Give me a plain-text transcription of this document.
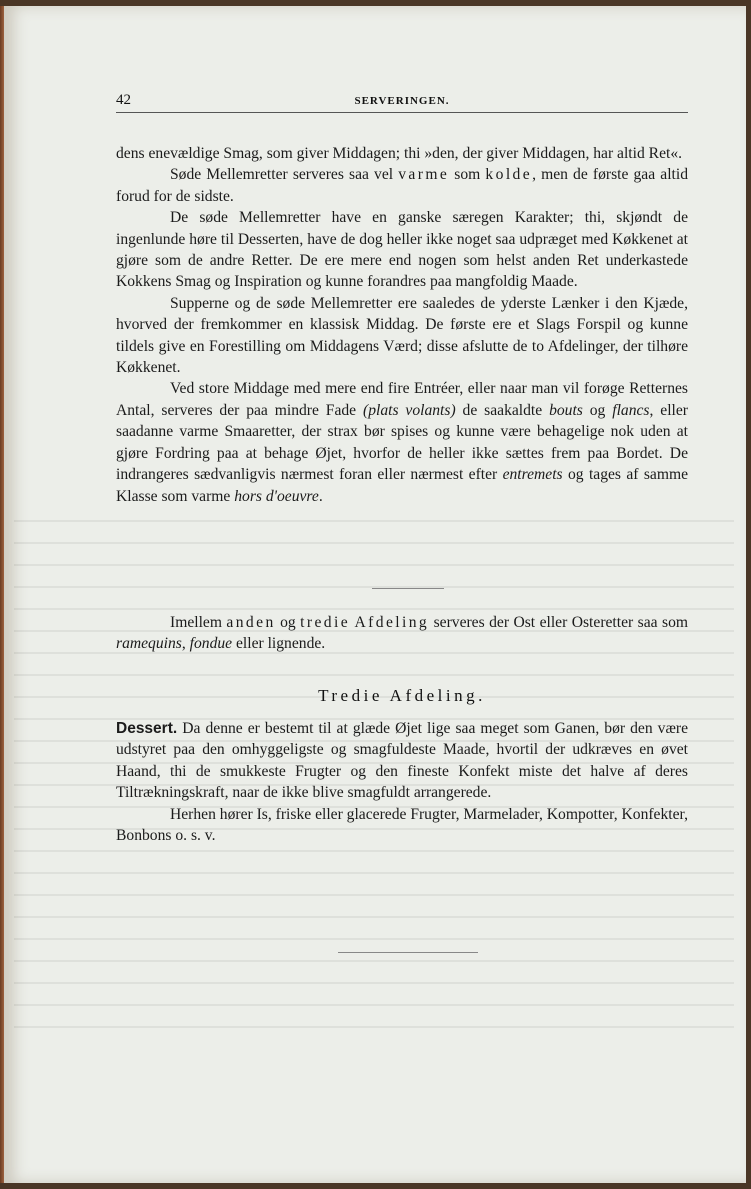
42	SERVERINGEN.

dens enevældige Smag, som giver Middagen; thi »den, der giver Middagen, har altid Ret«.

Søde Mellemretter serveres saa vel varme som kolde, men de første gaa altid forud for de sidste.

De søde Mellemretter have en ganske særegen Karakter; thi, skjøndt de ingenlunde høre til Desserten, have de dog heller ikke noget saa udpræget med Køkkenet at gjøre som de andre Retter. De ere mere end nogen som helst anden Ret underkastede Kokkens Smag og Inspiration og kunne forandres paa mangfoldig Maade.

Supperne og de søde Mellemretter ere saaledes de yderste Lænker i den Kjæde, hvorved der fremkommer en klassisk Middag. De første ere et Slags Forspil og kunne tildels give en Forestilling om Middagens Værd; disse afslutte de to Afdelinger, der tilhøre Køkkenet.

Ved store Middage med mere end fire Entréer, eller naar man vil forøge Retternes Antal, serveres der paa mindre Fade (plats volants) de saakaldte bouts og flancs, eller saadanne varme Smaaretter, der strax bør spises og kunne være behagelige nok uden at gjøre Fordring paa at behage Øjet, hvorfor de heller ikke sættes frem paa Bordet. De indrangeres sædvanligvis nærmest foran eller nærmest efter entremets og tages af samme Klasse som varme hors d'oeuvre.

Imellem anden og tredie Afdeling serveres der Ost eller Osteretter saa som ramequins, fondue eller lignende.

Tredie Afdeling.

Dessert. Da denne er bestemt til at glæde Øjet lige saa meget som Ganen, bør den være udstyret paa den omhyggeligste og smagfuldeste Maade, hvortil der udkræves en øvet Haand, thi de smukkeste Frugter og den fineste Konfekt miste det halve af deres Tiltrækningskraft, naar de ikke blive smagfuldt arrangerede.

Herhen hører Is, friske eller glacerede Frugter, Marmelader, Kompotter, Konfekter, Bonbons o. s. v.
